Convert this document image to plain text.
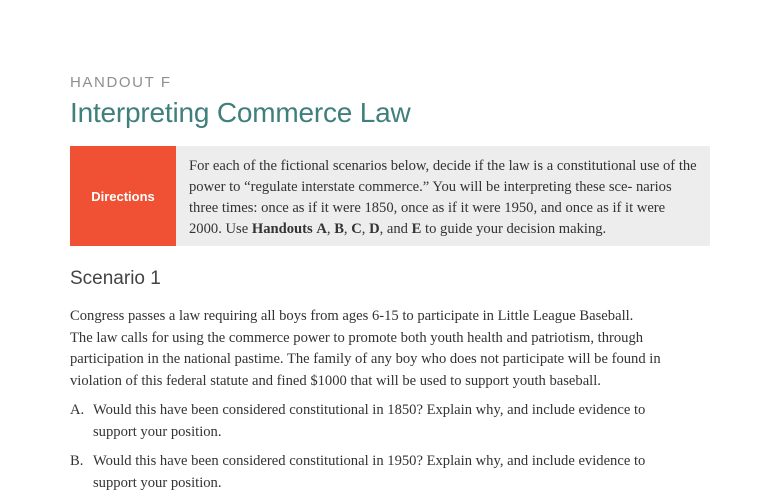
HANDOUT F
Interpreting Commerce Law
Directions
For each of the fictional scenarios below, decide if the law is a constitutional use of the power to “regulate interstate commerce.” You will be interpreting these sce- narios three times: once as if it were 1850, once as if it were 1950, and once as if it were 2000. Use Handouts A, B, C, D, and E to guide your decision making.
Scenario 1
Congress passes a law requiring all boys from ages 6-15 to participate in Little League Baseball.
The law calls for using the commerce power to promote both youth health and patriotism, through
participation in the national pastime. The family of any boy who does not participate will be found in
violation of this federal statute and fined $1000 that will be used to support youth baseball.
A. Would this have been considered constitutional in 1850? Explain why, and include evidence to
support your position.
B. Would this have been considered constitutional in 1950? Explain why, and include evidence to
support your position.
